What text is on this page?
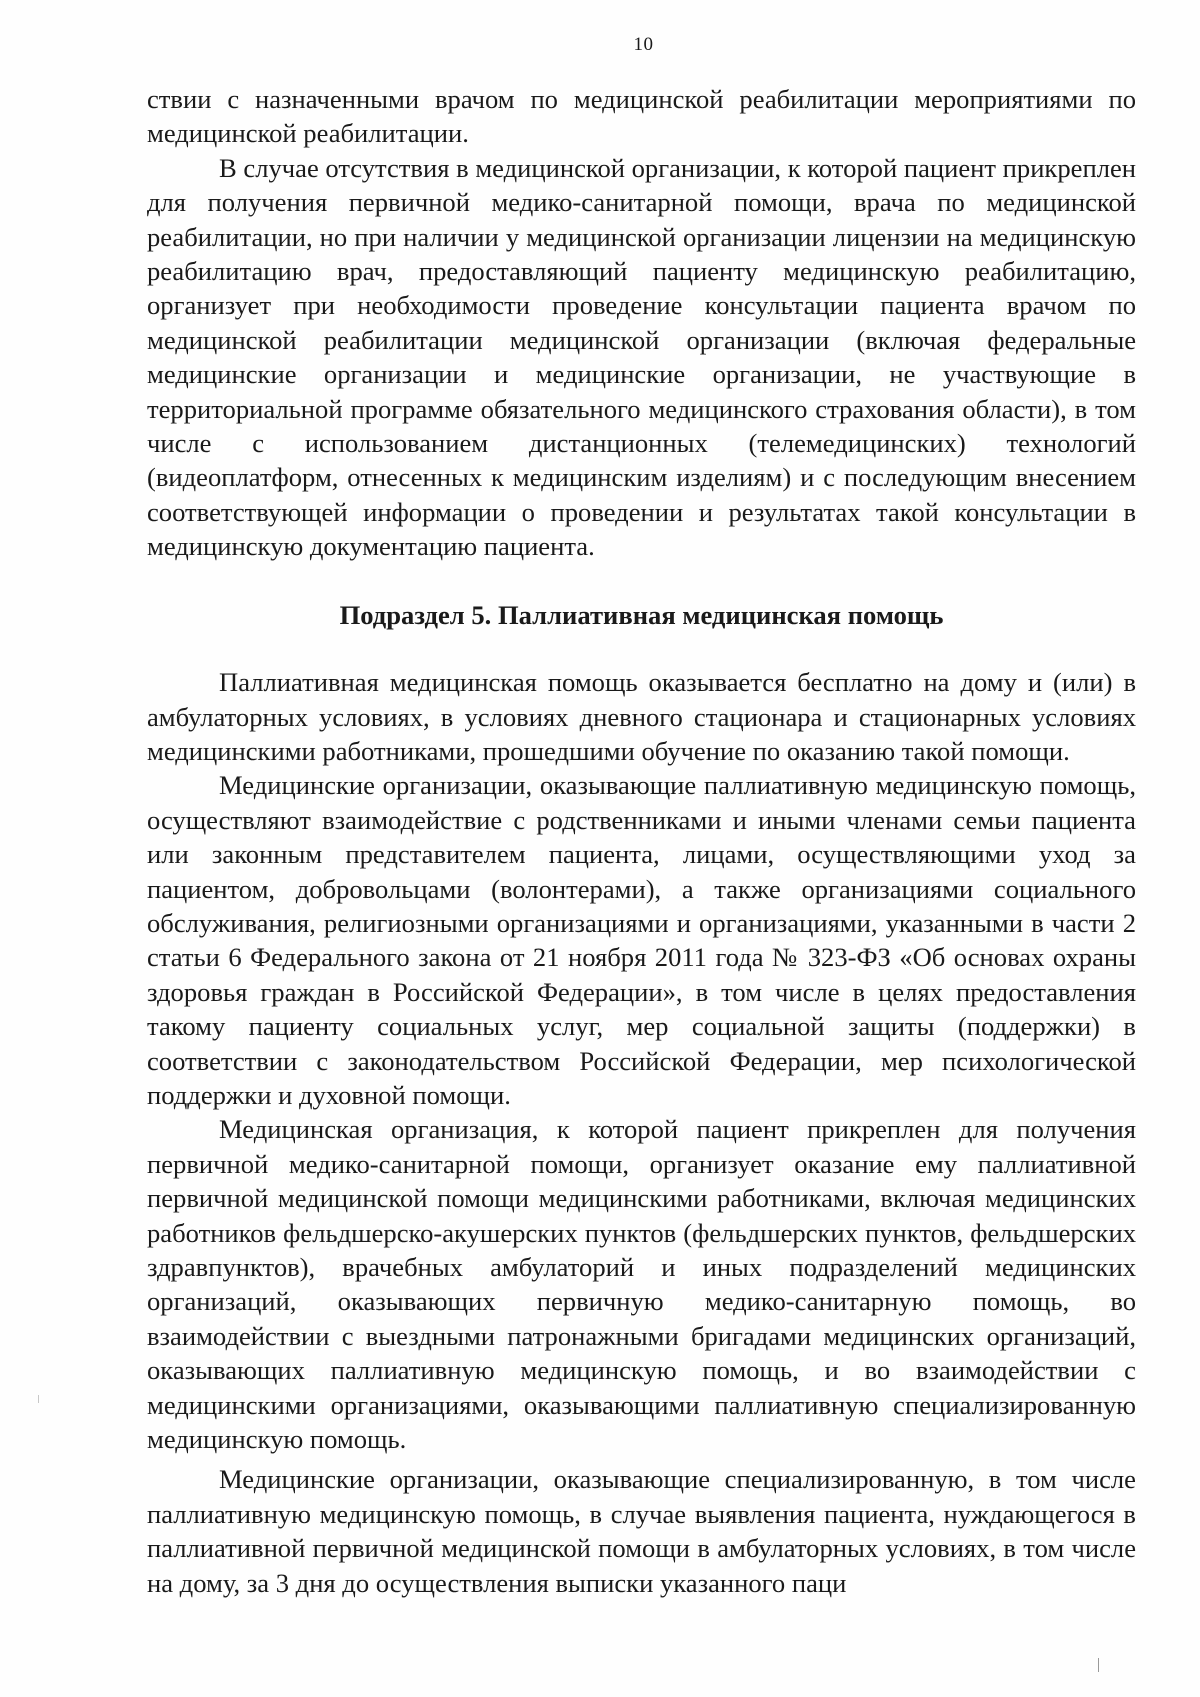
10

ствии с назначенными врачом по медицинской реабилитации мероприятиями по медицинской реабилитации.

В случае отсутствия в медицинской организации, к которой пациент прикреплен для получения первичной медико-санитарной помощи, врача по медицинской реабилитации, но при наличии у медицинской организации лицензии на медицинскую реабилитацию врач, предоставляющий пациенту медицинскую реабилитацию, организует при необходимости проведение консультации пациента врачом по медицинской реабилитации медицинской организации (включая федеральные медицинские организации и медицинские организации, не участвующие в территориальной программе обязательного медицинского страхования области), в том числе с использованием дистанционных (телемедицинских) технологий (видеоплатформ, отнесенных к медицинским изделиям) и с последующим внесением соответствующей информации о проведении и результатах такой консультации в медицинскую документацию пациента.

Подраздел 5. Паллиативная медицинская помощь

Паллиативная медицинская помощь оказывается бесплатно на дому и (или) в амбулаторных условиях, в условиях дневного стационара и стационарных условиях медицинскими работниками, прошедшими обучение по оказанию такой помощи.

Медицинские организации, оказывающие паллиативную медицинскую помощь, осуществляют взаимодействие с родственниками и иными членами семьи пациента или законным представителем пациента, лицами, осуществляющими уход за пациентом, добровольцами (волонтерами), а также организациями социального обслуживания, религиозными организациями и организациями, указанными в части 2 статьи 6 Федерального закона от 21 ноября 2011 года № 323-ФЗ «Об основах охраны здоровья граждан в Российской Федерации», в том числе в целях предоставления такому пациенту социальных услуг, мер социальной защиты (поддержки) в соответствии с законодательством Российской Федерации, мер психологической поддержки и духовной помощи.

Медицинская организация, к которой пациент прикреплен для получения первичной медико-санитарной помощи, организует оказание ему паллиативной первичной медицинской помощи медицинскими работниками, включая медицинских работников фельдшерско-акушерских пунктов (фельдшерских пунктов, фельдшерских здравпунктов), врачебных амбулаторий и иных подразделений медицинских организаций, оказывающих первичную медико-санитарную помощь, во взаимодействии с выездными патронажными бригадами медицинских организаций, оказывающих паллиативную медицинскую помощь, и во взаимодействии с медицинскими организациями, оказывающими паллиативную специализированную медицинскую помощь.

Медицинские организации, оказывающие специализированную, в том числе паллиативную медицинскую помощь, в случае выявления пациента, нуждающегося в паллиативной первичной медицинской помощи в амбулаторных условиях, в том числе на дому, за 3 дня до осуществления выписки указанного паци
